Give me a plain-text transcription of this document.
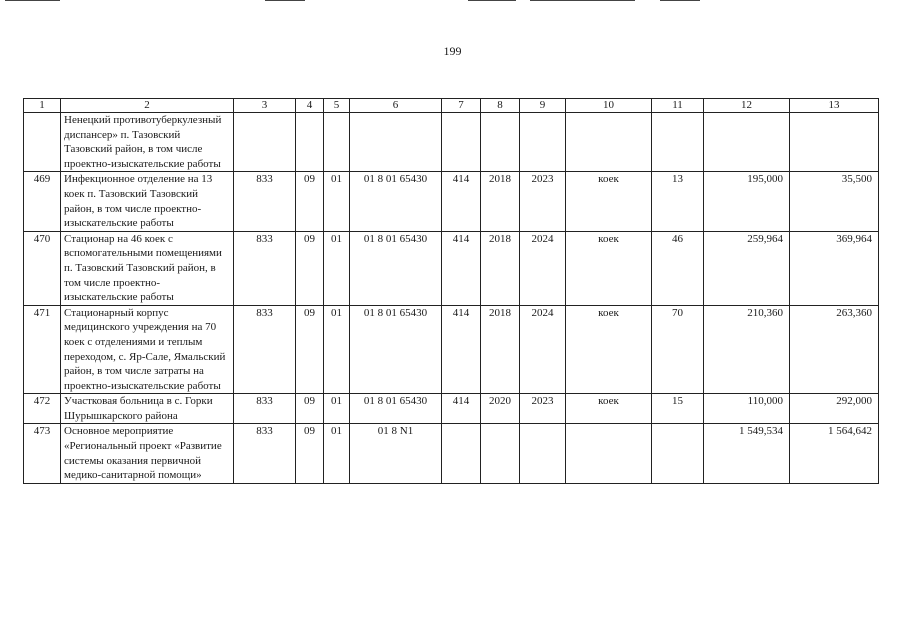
199
1	2	3	4	5	6	7	8	9	10	11	12	13
	Ненецкий противотуберкулезный диспансер» п. Тазовский Тазовский район, в том числе проектно-изыскательские работы											
469	Инфекционное отделение на 13 коек п. Тазовский Тазовский район, в том числе проектно-изыскательские работы	833	09	01	01 8 01 65430	414	2018	2023	коек	13	195,000	35,500
470	Стационар на 46 коек с вспомогательными помещениями п. Тазовский Тазовский район, в том числе проектно-изыскательские работы	833	09	01	01 8 01 65430	414	2018	2024	коек	46	259,964	369,964
471	Стационарный корпус медицинского учреждения на 70 коек с отделениями и теплым переходом, с. Яр-Сале, Ямальский район, в том числе затраты на проектно-изыскательские работы	833	09	01	01 8 01 65430	414	2018	2024	коек	70	210,360	263,360
472	Участковая больница в с. Горки Шурышкарского района	833	09	01	01 8 01 65430	414	2020	2023	коек	15	110,000	292,000
473	Основное мероприятие «Региональный проект «Развитие системы оказания первичной медико-санитарной помощи»	833	09	01	01 8 N1						1 549,534	1 564,642
